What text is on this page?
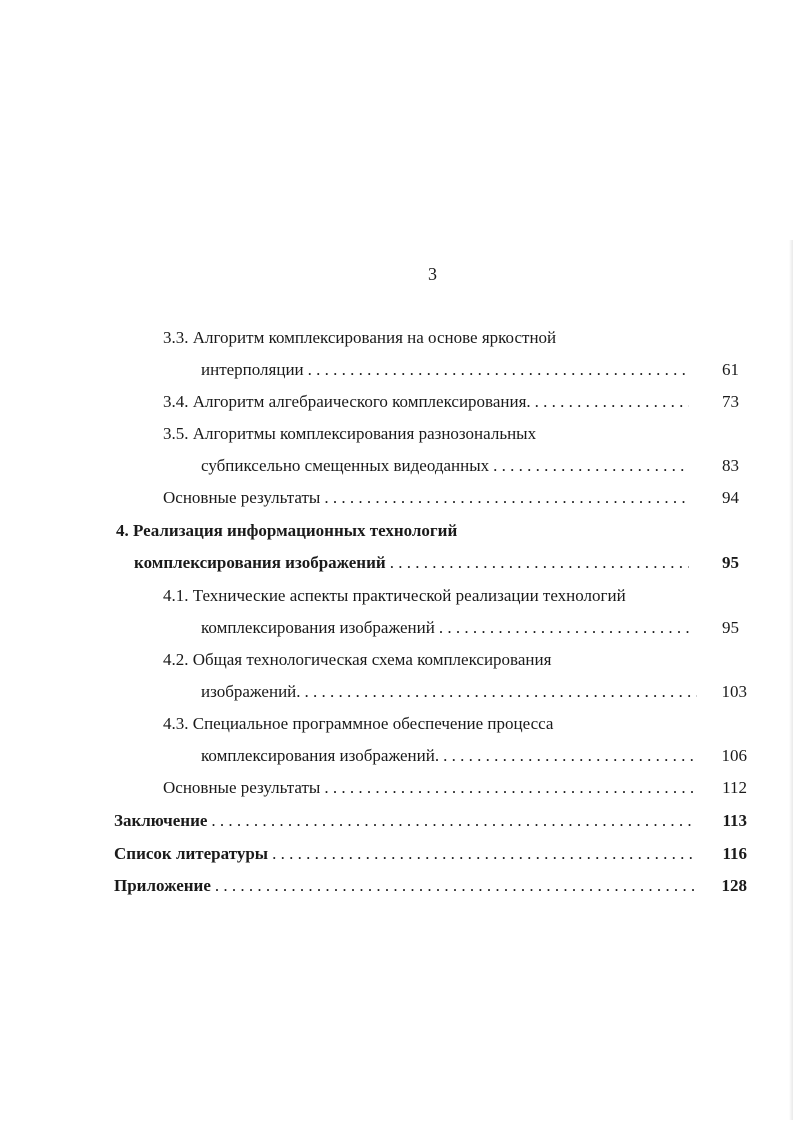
3
3.3. Алгоритм комплексирования на основе яркостной
интерполяции . . .	61
3.4. Алгоритм алгебраического комплексирования. . . .	73
3.5. Алгоритмы комплексирования разнозональных
субпиксельно смещенных видеоданных . . .	83
Основные результаты . . .	94
4. Реализация информационных технологий
комплексирования изображений . . .	95
4.1. Технические аспекты практической реализации технологий
комплексирования изображений . . .	95
4.2. Общая технологическая схема комплексирования
изображений. . . .	103
4.3. Специальное программное обеспечение процесса
комплексирования изображений. . . .	106
Основные результаты . . .	112
Заключение . . .	113
Список литературы . . .	116
Приложение . . .	128
